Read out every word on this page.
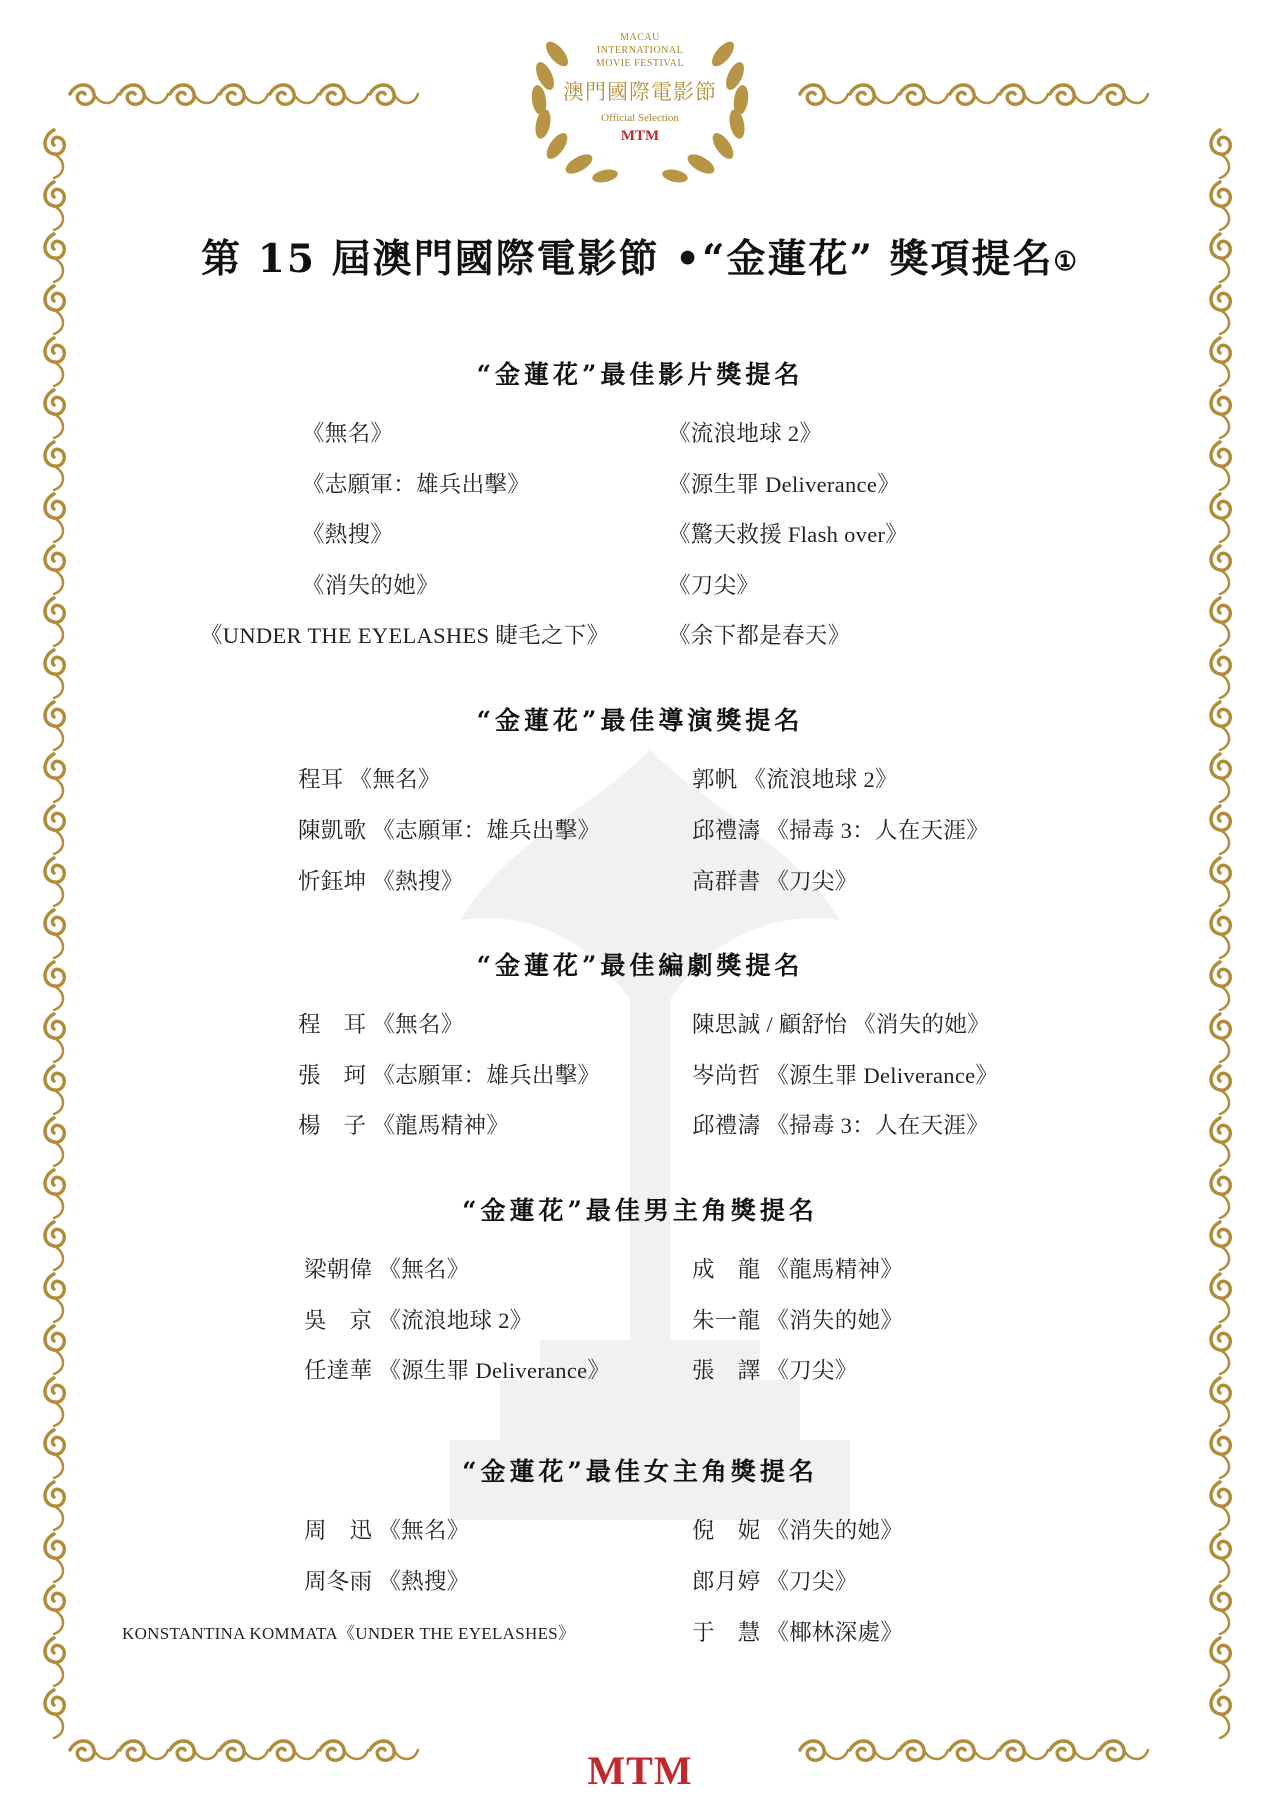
MACAU
INTERNATIONAL
MOVIE FESTIVAL
澳門國際電影節
Official Selection
MTM
第 15 屆澳門國際電影節 •“金蓮花” 獎項提名①
“金蓮花”最佳影片獎提名
《無名》
《志願軍：雄兵出擊》
《熱搜》
《消失的她》
《UNDER THE EYELASHES 睫毛之下》
《流浪地球 2》
《源生罪 Deliverance》
《驚天救援 Flash over》
《刀尖》
《余下都是春天》
“金蓮花”最佳導演獎提名
程耳 《無名》
陳凱歌 《志願軍：雄兵出擊》
忻鈺坤 《熱搜》
郭帆 《流浪地球 2》
邱禮濤 《掃毒 3：人在天涯》
高群書 《刀尖》
“金蓮花”最佳編劇獎提名
程　耳 《無名》
張　珂 《志願軍：雄兵出擊》
楊　子 《龍馬精神》
陳思誠 / 顧舒怡 《消失的她》
岑尚哲 《源生罪 Deliverance》
邱禮濤 《掃毒 3：人在天涯》
“金蓮花”最佳男主角獎提名
梁朝偉 《無名》
吳　京 《流浪地球 2》
任達華 《源生罪 Deliverance》
成　龍 《龍馬精神》
朱一龍 《消失的她》
張　譯 《刀尖》
“金蓮花”最佳女主角獎提名
周　迅 《無名》
周冬雨 《熱搜》
KONSTANTINA KOMMATA《UNDER THE EYELASHES》
倪　妮 《消失的她》
郎月婷 《刀尖》
于　慧 《椰林深處》
MTM
